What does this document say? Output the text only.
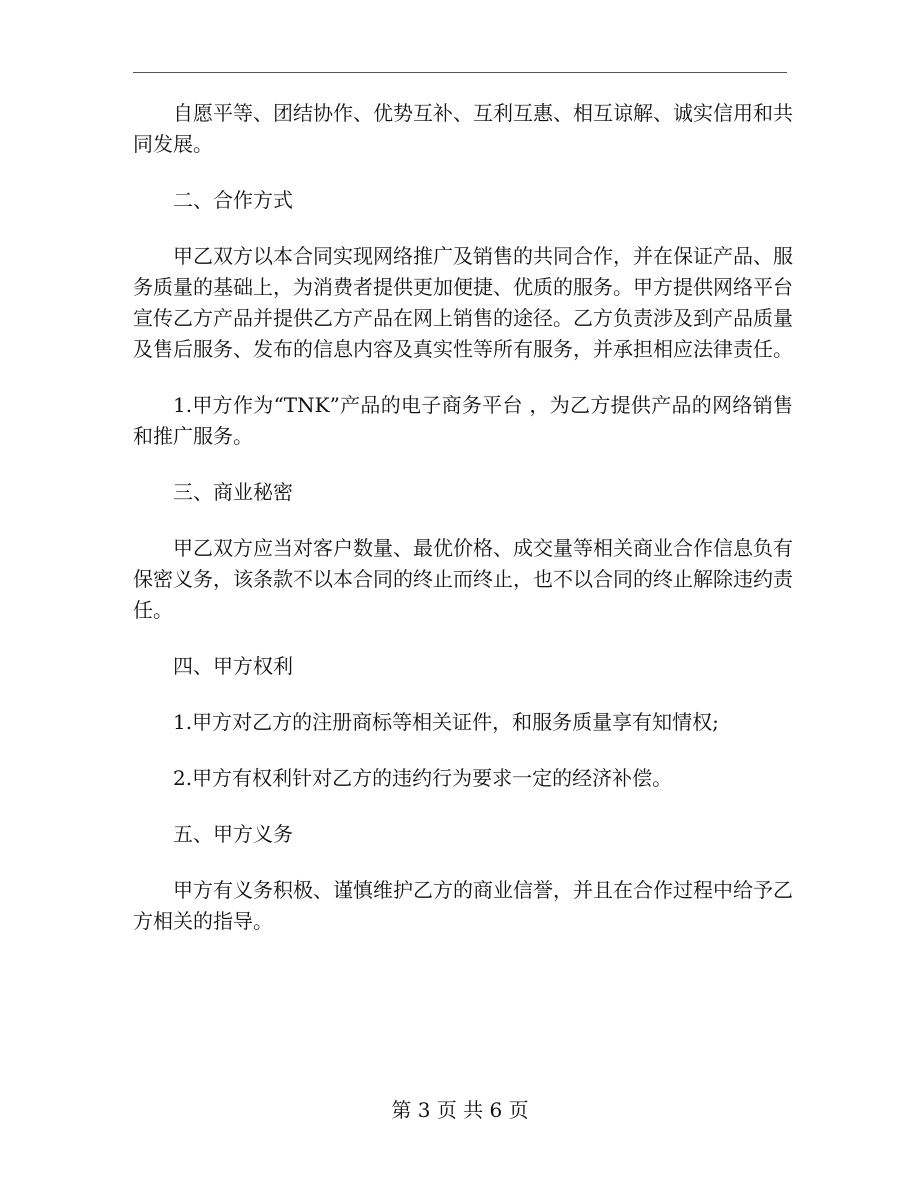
自愿平等、团结协作、优势互补、互利互惠、相互谅解、诚实信用和共同发展。

二、合作方式

甲乙双方以本合同实现网络推广及销售的共同合作，并在保证产品、服务质量的基础上，为消费者提供更加便捷、优质的服务。甲方提供网络平台宣传乙方产品并提供乙方产品在网上销售的途径。乙方负责涉及到产品质量及售后服务、发布的信息内容及真实性等所有服务，并承担相应法律责任。

1.甲方作为“TNK”产品的电子商务平台 ，为乙方提供产品的网络销售和推广服务。

三、商业秘密

甲乙双方应当对客户数量、最优价格、成交量等相关商业合作信息负有保密义务，该条款不以本合同的终止而终止，也不以合同的终止解除违约责任。

四、甲方权利

1.甲方对乙方的注册商标等相关证件，和服务质量享有知情权;

2.甲方有权利针对乙方的违约行为要求一定的经济补偿。

五、甲方义务

甲方有义务积极、谨慎维护乙方的商业信誉，并且在合作过程中给予乙方相关的指导。

第 3 页 共 6 页
